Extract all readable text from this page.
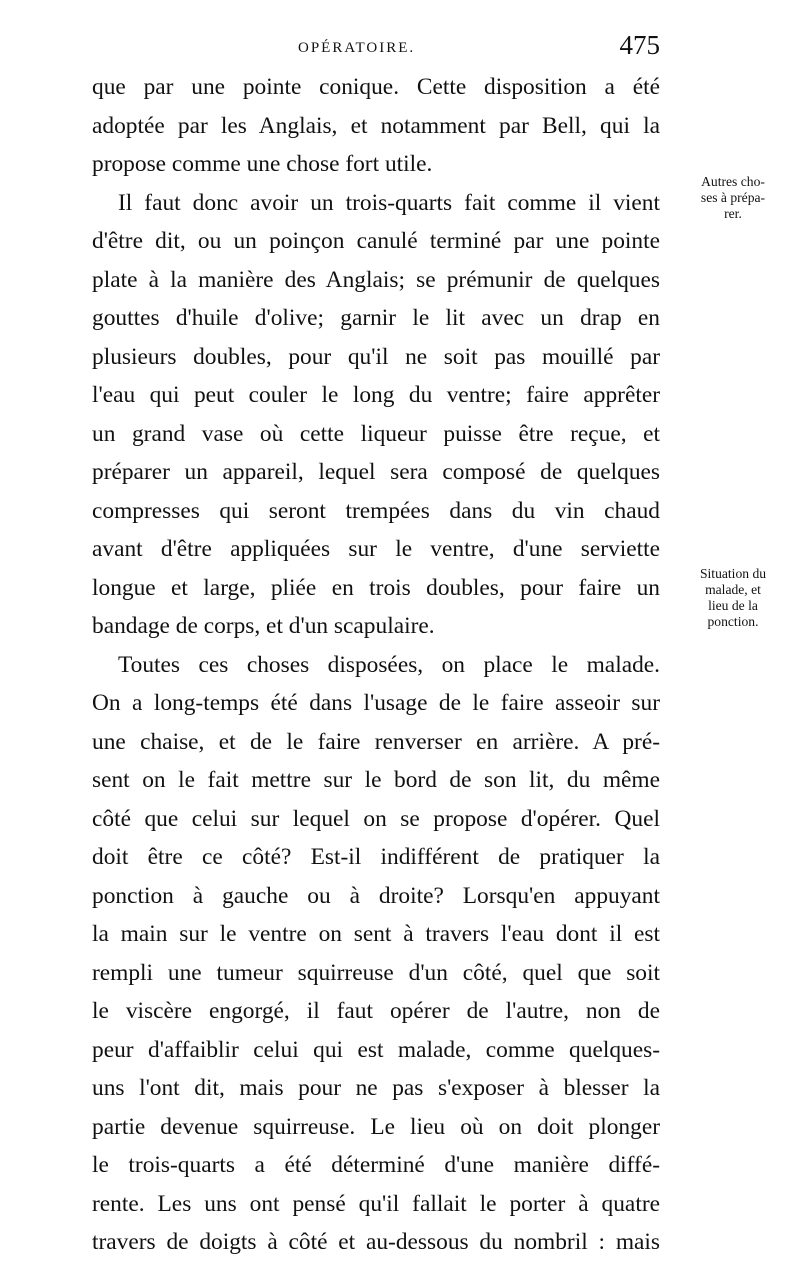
OPÉRATOIRE.	475
que par une pointe conique. Cette disposition a été
adoptée par les Anglais, et notamment par Bell, qui la
propose comme une chose fort utile.
Il faut donc avoir un trois-quarts fait comme il vient
d'être dit, ou un poinçon canulé terminé par une pointe
plate à la manière des Anglais; se prémunir de quelques
gouttes d'huile d'olive; garnir le lit avec un drap en
plusieurs doubles, pour qu'il ne soit pas mouillé par
l'eau qui peut couler le long du ventre; faire apprêter
un grand vase où cette liqueur puisse être reçue, et
préparer un appareil, lequel sera composé de quelques
compresses qui seront trempées dans du vin chaud
avant d'être appliquées sur le ventre, d'une serviette
longue et large, pliée en trois doubles, pour faire un
bandage de corps, et d'un scapulaire.
Toutes ces choses disposées, on place le malade.
On a long-temps été dans l'usage de le faire asseoir sur
une chaise, et de le faire renverser en arrière. A pré-
sent on le fait mettre sur le bord de son lit, du même
côté que celui sur lequel on se propose d'opérer. Quel
doit être ce côté? Est-il indifférent de pratiquer la
ponction à gauche ou à droite? Lorsqu'en appuyant
la main sur le ventre on sent à travers l'eau dont il est
rempli une tumeur squirreuse d'un côté, quel que soit
le viscère engorgé, il faut opérer de l'autre, non de
peur d'affaiblir celui qui est malade, comme quelques-
uns l'ont dit, mais pour ne pas s'exposer à blesser la
partie devenue squirreuse. Le lieu où on doit plonger
le trois-quarts a été déterminé d'une manière diffé-
rente. Les uns ont pensé qu'il fallait le porter à quatre
travers de doigts à côté et au-dessous du nombril : mais
Autres cho-
ses à prépa-
rer.
Situation du
malade, et
lieu de la
ponction.
